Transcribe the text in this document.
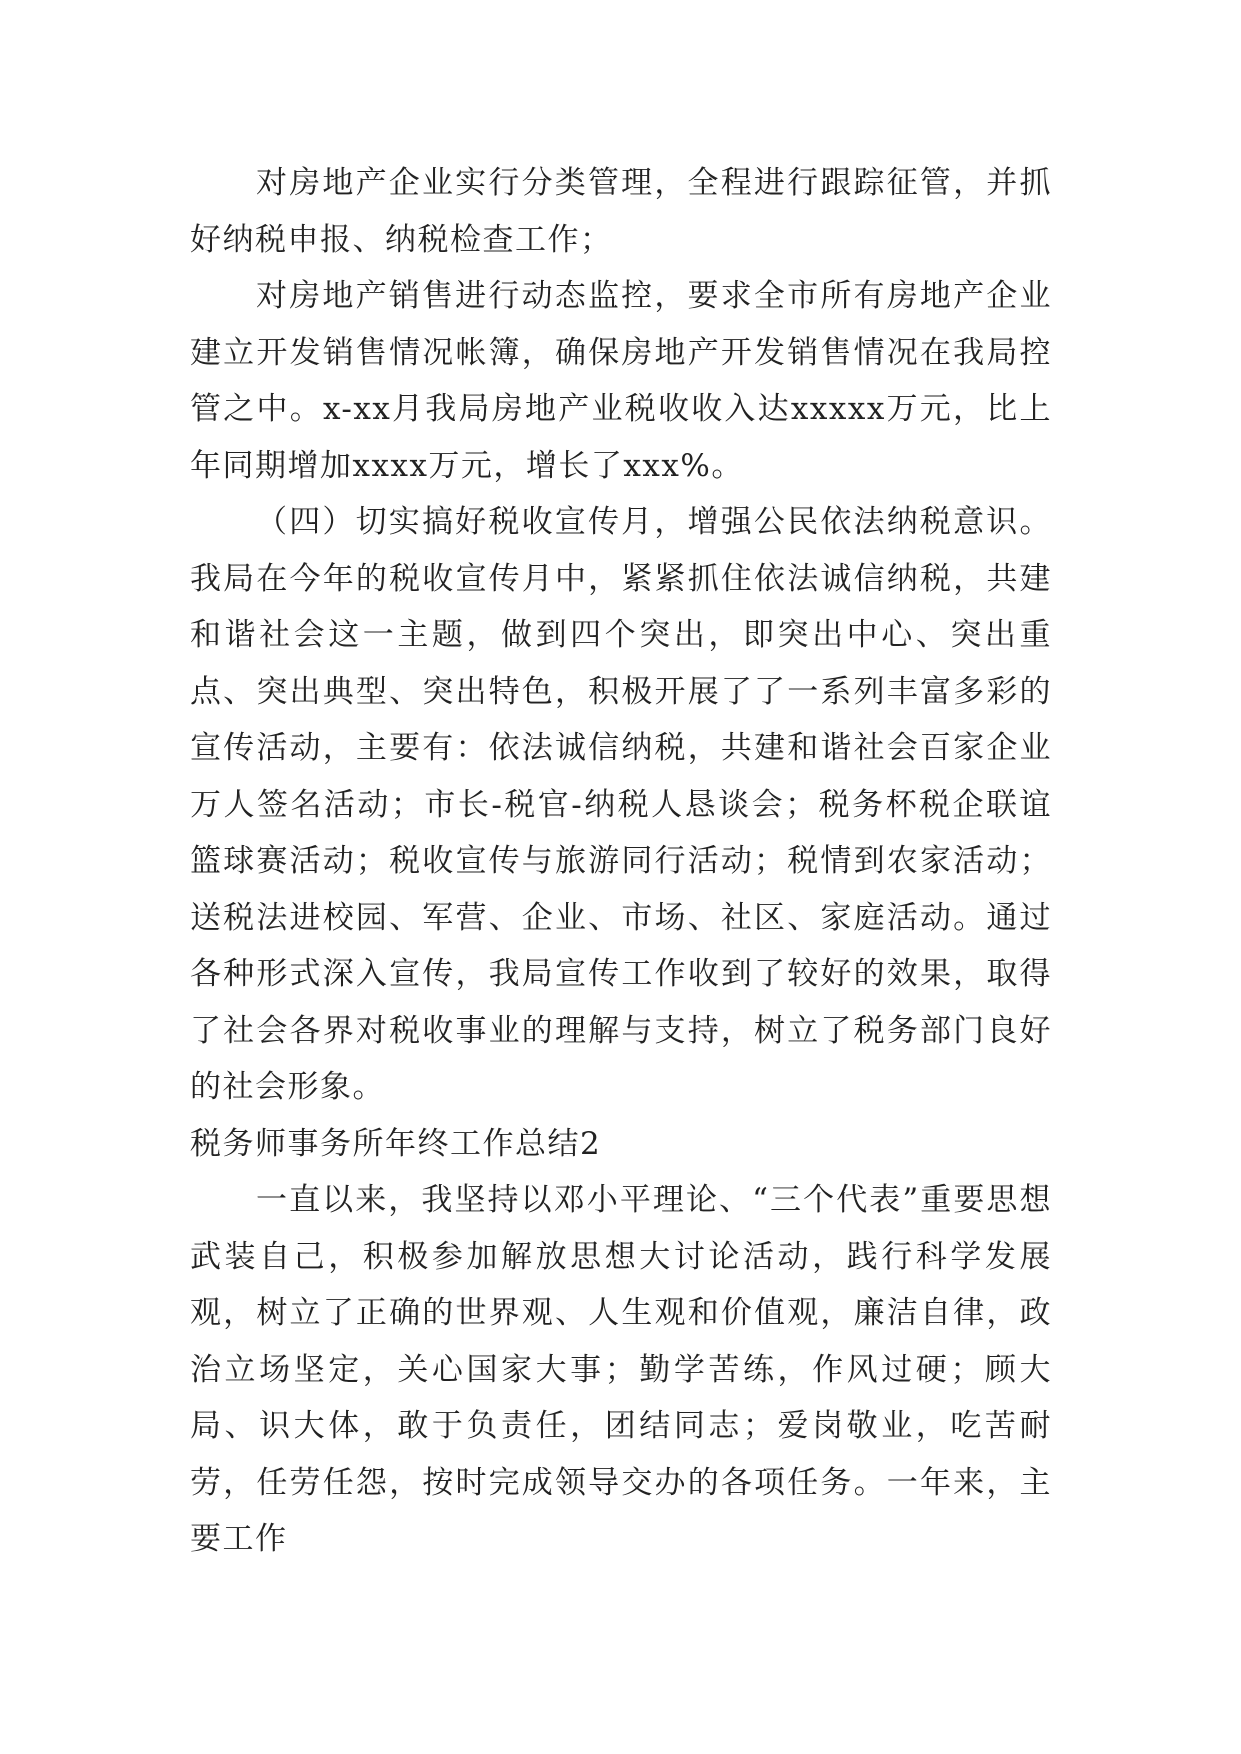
对房地产企业实行分类管理，全程进行跟踪征管，并抓好纳税申报、纳税检查工作；

对房地产销售进行动态监控，要求全市所有房地产企业建立开发销售情况帐簿，确保房地产开发销售情况在我局控管之中。x-xx月我局房地产业税收收入达xxxxx万元，比上年同期增加xxxx万元，增长了xxx%。

（四）切实搞好税收宣传月，增强公民依法纳税意识。我局在今年的税收宣传月中，紧紧抓住依法诚信纳税，共建和谐社会这一主题，做到四个突出，即突出中心、突出重点、突出典型、突出特色，积极开展了了一系列丰富多彩的宣传活动，主要有：依法诚信纳税，共建和谐社会百家企业万人签名活动；市长-税官-纳税人恳谈会；税务杯税企联谊篮球赛活动；税收宣传与旅游同行活动；税情到农家活动；送税法进校园、军营、企业、市场、社区、家庭活动。通过各种形式深入宣传，我局宣传工作收到了较好的效果，取得了社会各界对税收事业的理解与支持，树立了税务部门良好的社会形象。

税务师事务所年终工作总结2

一直以来，我坚持以邓小平理论、“三个代表”重要思想武装自己，积极参加解放思想大讨论活动，践行科学发展观，树立了正确的世界观、人生观和价值观，廉洁自律，政治立场坚定，关心国家大事；勤学苦练，作风过硬；顾大局、识大体，敢于负责任，团结同志；爱岗敬业，吃苦耐劳，任劳任怨，按时完成领导交办的各项任务。一年来，主要工作
